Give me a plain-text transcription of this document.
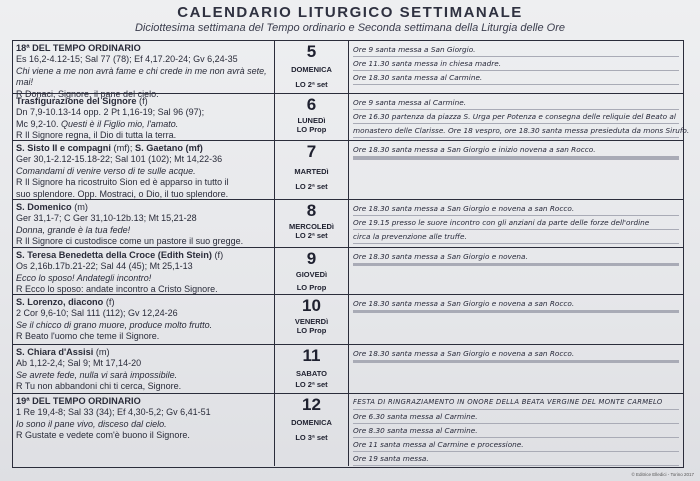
CALENDARIO LITURGICO SETTIMANALE
Diciottesima settimana del Tempo ordinario e Seconda settimana della Liturgia delle Ore
18ª DEL TEMPO ORDINARIO
Es 16,2-4.12-15; Sal 77 (78); Ef 4,17.20-24; Gv 6,24-35
Chi viene a me non avrà fame e chi crede in me non avrà sete, mai!
R Donaci, Signore, il pane del cielo.
5
DOMENICA
LO 2ª set
Ore 9 santa messa a San Giorgio.
Ore 11.30 santa messa in chiesa madre.
Ore 18.30 santa messa al Carmine.
Trasfigurazione del Signore (f)
Dn 7,9-10.13-14 opp. 2 Pt 1,16-19; Sal 96 (97);
Mc 9,2-10. Questi è il Figlio mio, l'amato.
R Il Signore regna, il Dio di tutta la terra.
6
LUNEDì
LO Prop
Ore 9 santa messa al Carmine.
Ore 16.30 partenza da piazza S. Urga per Potenza e consegna delle reliquie del Beato al
monastero delle Clarisse. Ore 18 vespro, ore 18.30 santa messa presieduta da mons Sirufo.
S. Sisto II e compagni (mf); S. Gaetano (mf)
Ger 30,1-2.12-15.18-22; Sal 101 (102); Mt 14,22-36
Comandami di venire verso di te sulle acque.
R Il Signore ha ricostruito Sion ed è apparso in tutto il
suo splendore. Opp. Mostraci, o Dio, il tuo splendore.
7
MARTEDì
LO 2ª set
Ore 18.30 santa messa a San Giorgio e inizio novena a san Rocco.
S. Domenico (m)
Ger 31,1-7; C Ger 31,10-12b.13; Mt 15,21-28
Donna, grande è la tua fede!
R Il Signore ci custodisce come un pastore il suo gregge.
8
MERCOLEDì
LO 2ª set
Ore 18.30 santa messa a San Giorgio e novena a san Rocco.
Ore 19.15 presso le suore incontro con gli anziani da parte delle forze dell'ordine
circa la prevenzione alle truffe.
S. Teresa Benedetta della Croce (Edith Stein) (f)
Os 2,16b.17b.21-22; Sal 44 (45); Mt 25,1-13
Ecco lo sposo! Andategli incontro!
R Ecco lo sposo: andate incontro a Cristo Signore.
9
GIOVEDì
LO Prop
Ore 18.30 santa messa a San Giorgio e novena.
S. Lorenzo, diacono (f)
2 Cor 9,6-10; Sal 111 (112); Gv 12,24-26
Se il chicco di grano muore, produce molto frutto.
R Beato l'uomo che teme il Signore.
10
VENERDì
LO Prop
Ore 18.30 santa messa a San Giorgio e novena a san Rocco.
S. Chiara d'Assisi (m)
Ab 1,12-2,4; Sal 9; Mt 17,14-20
Se avrete fede, nulla vi sarà impossibile.
R Tu non abbandoni chi ti cerca, Signore.
11
SABATO
LO 2ª set
Ore 18.30 santa messa a San Giorgio e novena a san Rocco.
19ª DEL TEMPO ORDINARIO
1 Re 19,4-8; Sal 33 (34); Ef 4,30-5,2; Gv 6,41-51
Io sono il pane vivo, disceso dal cielo.
R Gustate e vedete com'è buono il Signore.
12
DOMENICA
LO 3ª set
FESTA DI RINGRAZIAMENTO IN ONORE DELLA BEATA VERGINE DEL MONTE CARMELO
Ore 6.30 santa messa al Carmine.
Ore 8.30 santa messa al Carmine.
Ore 11 santa messa al Carmine e processione.
Ore 19 santa messa.
© Editrice Elledici - Torino 2017
